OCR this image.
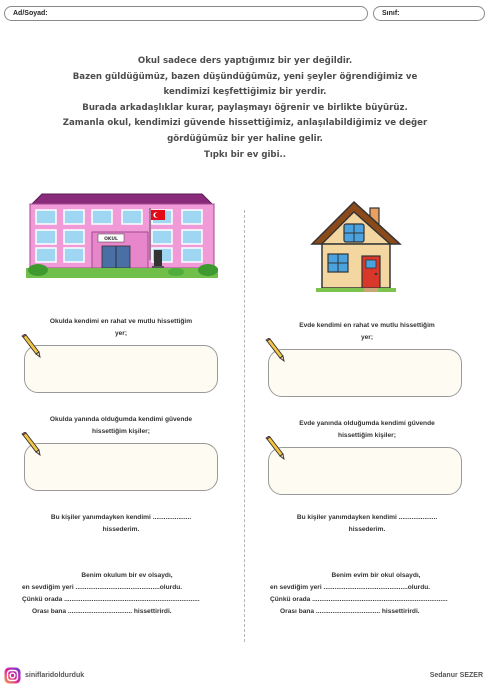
Ad/Soyad:	Sınıf:
Okul sadece ders yaptığımız bir yer değildir.
Bazen güldüğümüz, bazen düşündüğümüz, yeni şeyler öğrendiğimiz ve
kendimizi keşfettiğimiz bir yerdir.
Burada arkadaşlıklar kurar, paylaşmayı öğrenir ve birlikte büyürüz.
Zamanla okul, kendimizi güvende hissettiğimiz, anlaşılabildiğimiz ve değer
gördüğümüz bir yer haline gelir.
Tıpkı bir ev gibi..
OKUL
Okulda kendimi en rahat ve mutlu hissettiğim
yer;
Okulda yanında olduğumda kendimi güvende
hissettiğim kişiler;
Bu kişiler yanımdayken kendimi .....................
hissederim.
Benim okulum bir ev olsaydı,
en sevdiğim yeri ..............................................olurdu.
Çünkü orada ..........................................................................
Orası bana ................................... hissettirirdi.
Evde kendimi en rahat ve mutlu hissettiğim
yer;
Evde yanında olduğumda kendimi güvende
hissettiğim kişiler;
Bu kişiler yanımdayken kendimi .....................
hissederim.
Benim evim bir okul olsaydı,
en sevdiğim yeri ..............................................olurdu.
Çünkü orada ..........................................................................
Orası bana ................................... hissettirirdi.
siniflaridoldurduk	Sedanur SEZER
